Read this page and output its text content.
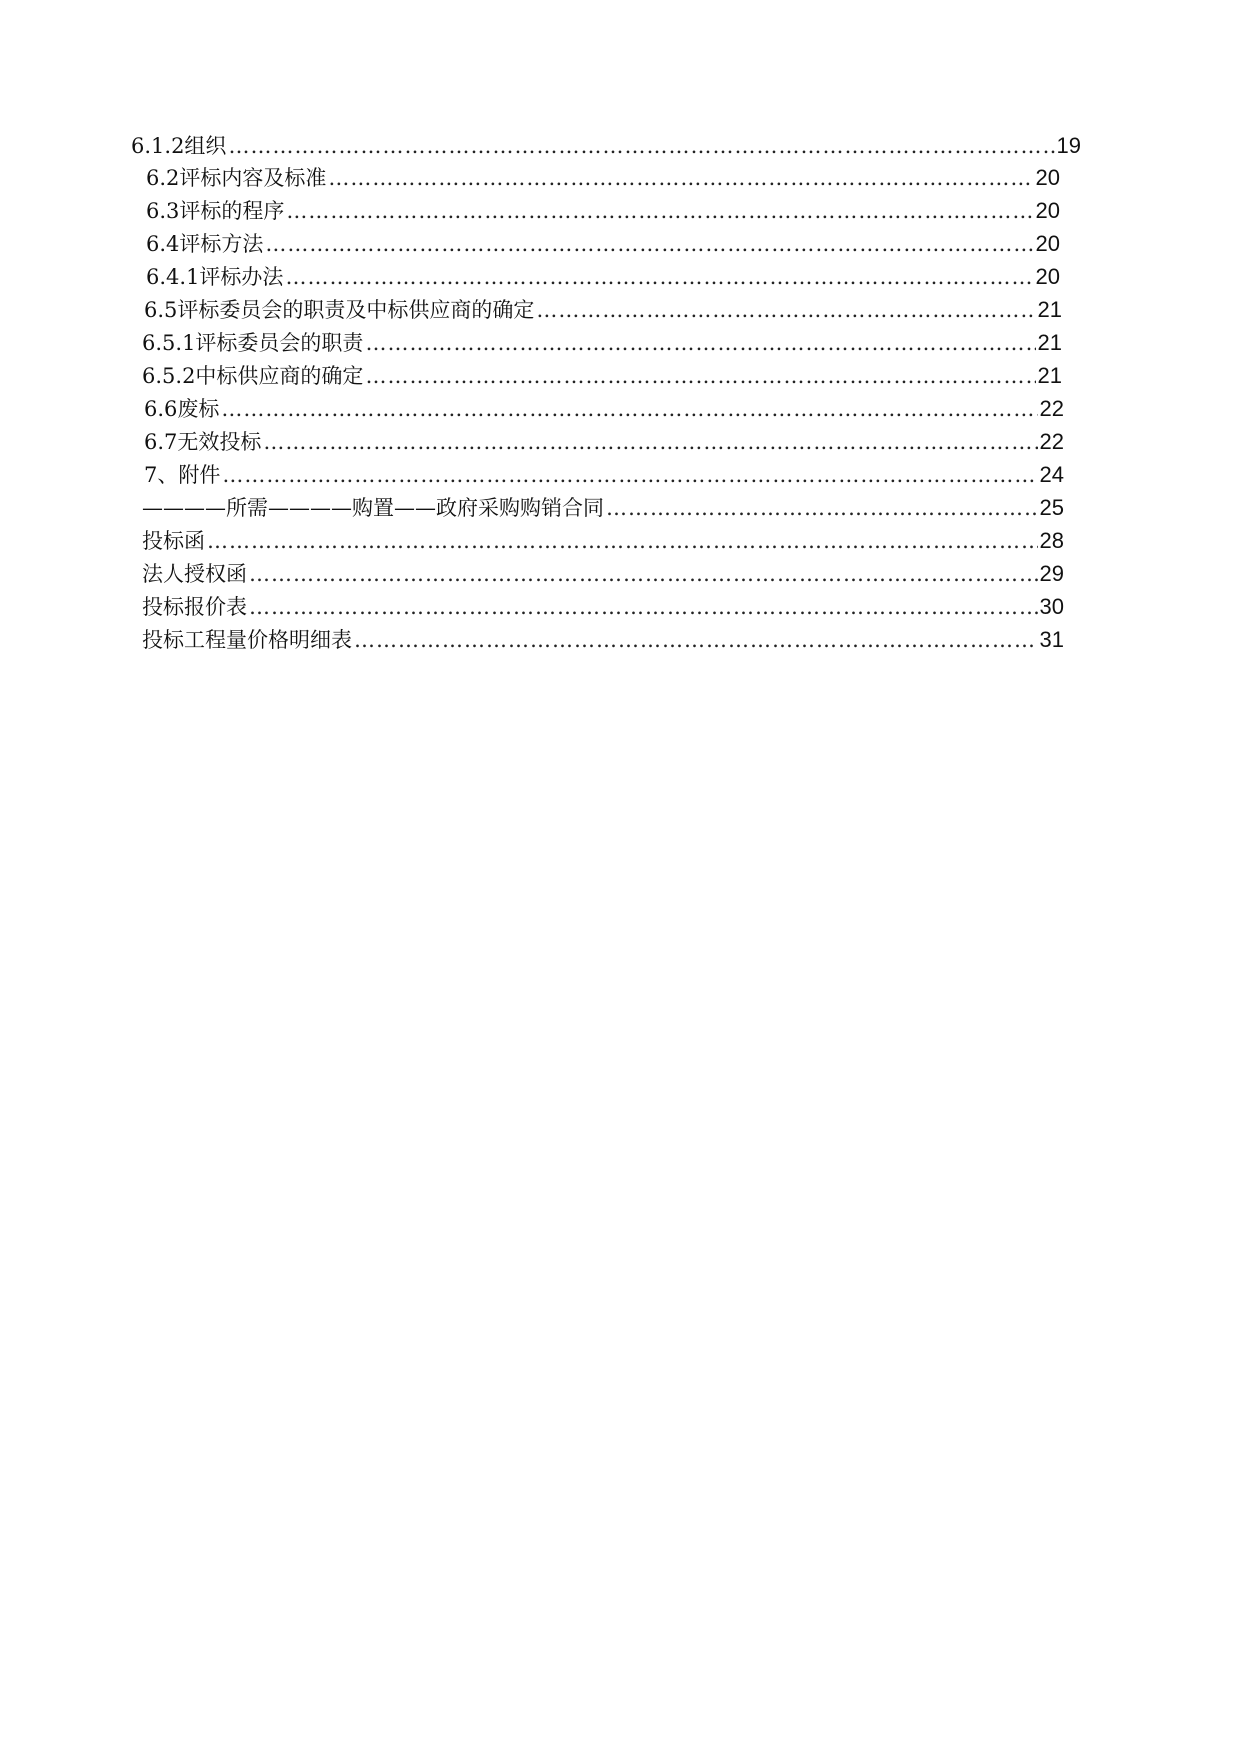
6.1.2组织 …………………………………………………………………………………………………………………………………………………………………………………………………	19
6.2评标内容及标准 …………………………………………………………………………………………………………………………………………………………………………………………………	20
6.3评标的程序 …………………………………………………………………………………………………………………………………………………………………………………………………	20
6.4评标方法 …………………………………………………………………………………………………………………………………………………………………………………………………	20
6.4.1评标办法 …………………………………………………………………………………………………………………………………………………………………………………………………	20
6.5评标委员会的职责及中标供应商的确定 …………………………………………………………………………………………………………………………………………………………………………………………………	21
6.5.1评标委员会的职责 …………………………………………………………………………………………………………………………………………………………………………………………………	21
6.5.2中标供应商的确定 …………………………………………………………………………………………………………………………………………………………………………………………………	21
6.6废标 …………………………………………………………………………………………………………………………………………………………………………………………………	22
6.7无效投标 …………………………………………………………………………………………………………………………………………………………………………………………………	22
7、附件 …………………………………………………………………………………………………………………………………………………………………………………………………	24
————所需————购置——政府采购购销合同 …………………………………………………………………………………………………………………………………………………………………………………………………	25
投标函 …………………………………………………………………………………………………………………………………………………………………………………………………	28
法人授权函 …………………………………………………………………………………………………………………………………………………………………………………………………	29
投标报价表 …………………………………………………………………………………………………………………………………………………………………………………………………	30
投标工程量价格明细表 …………………………………………………………………………………………………………………………………………………………………………………………………	31
